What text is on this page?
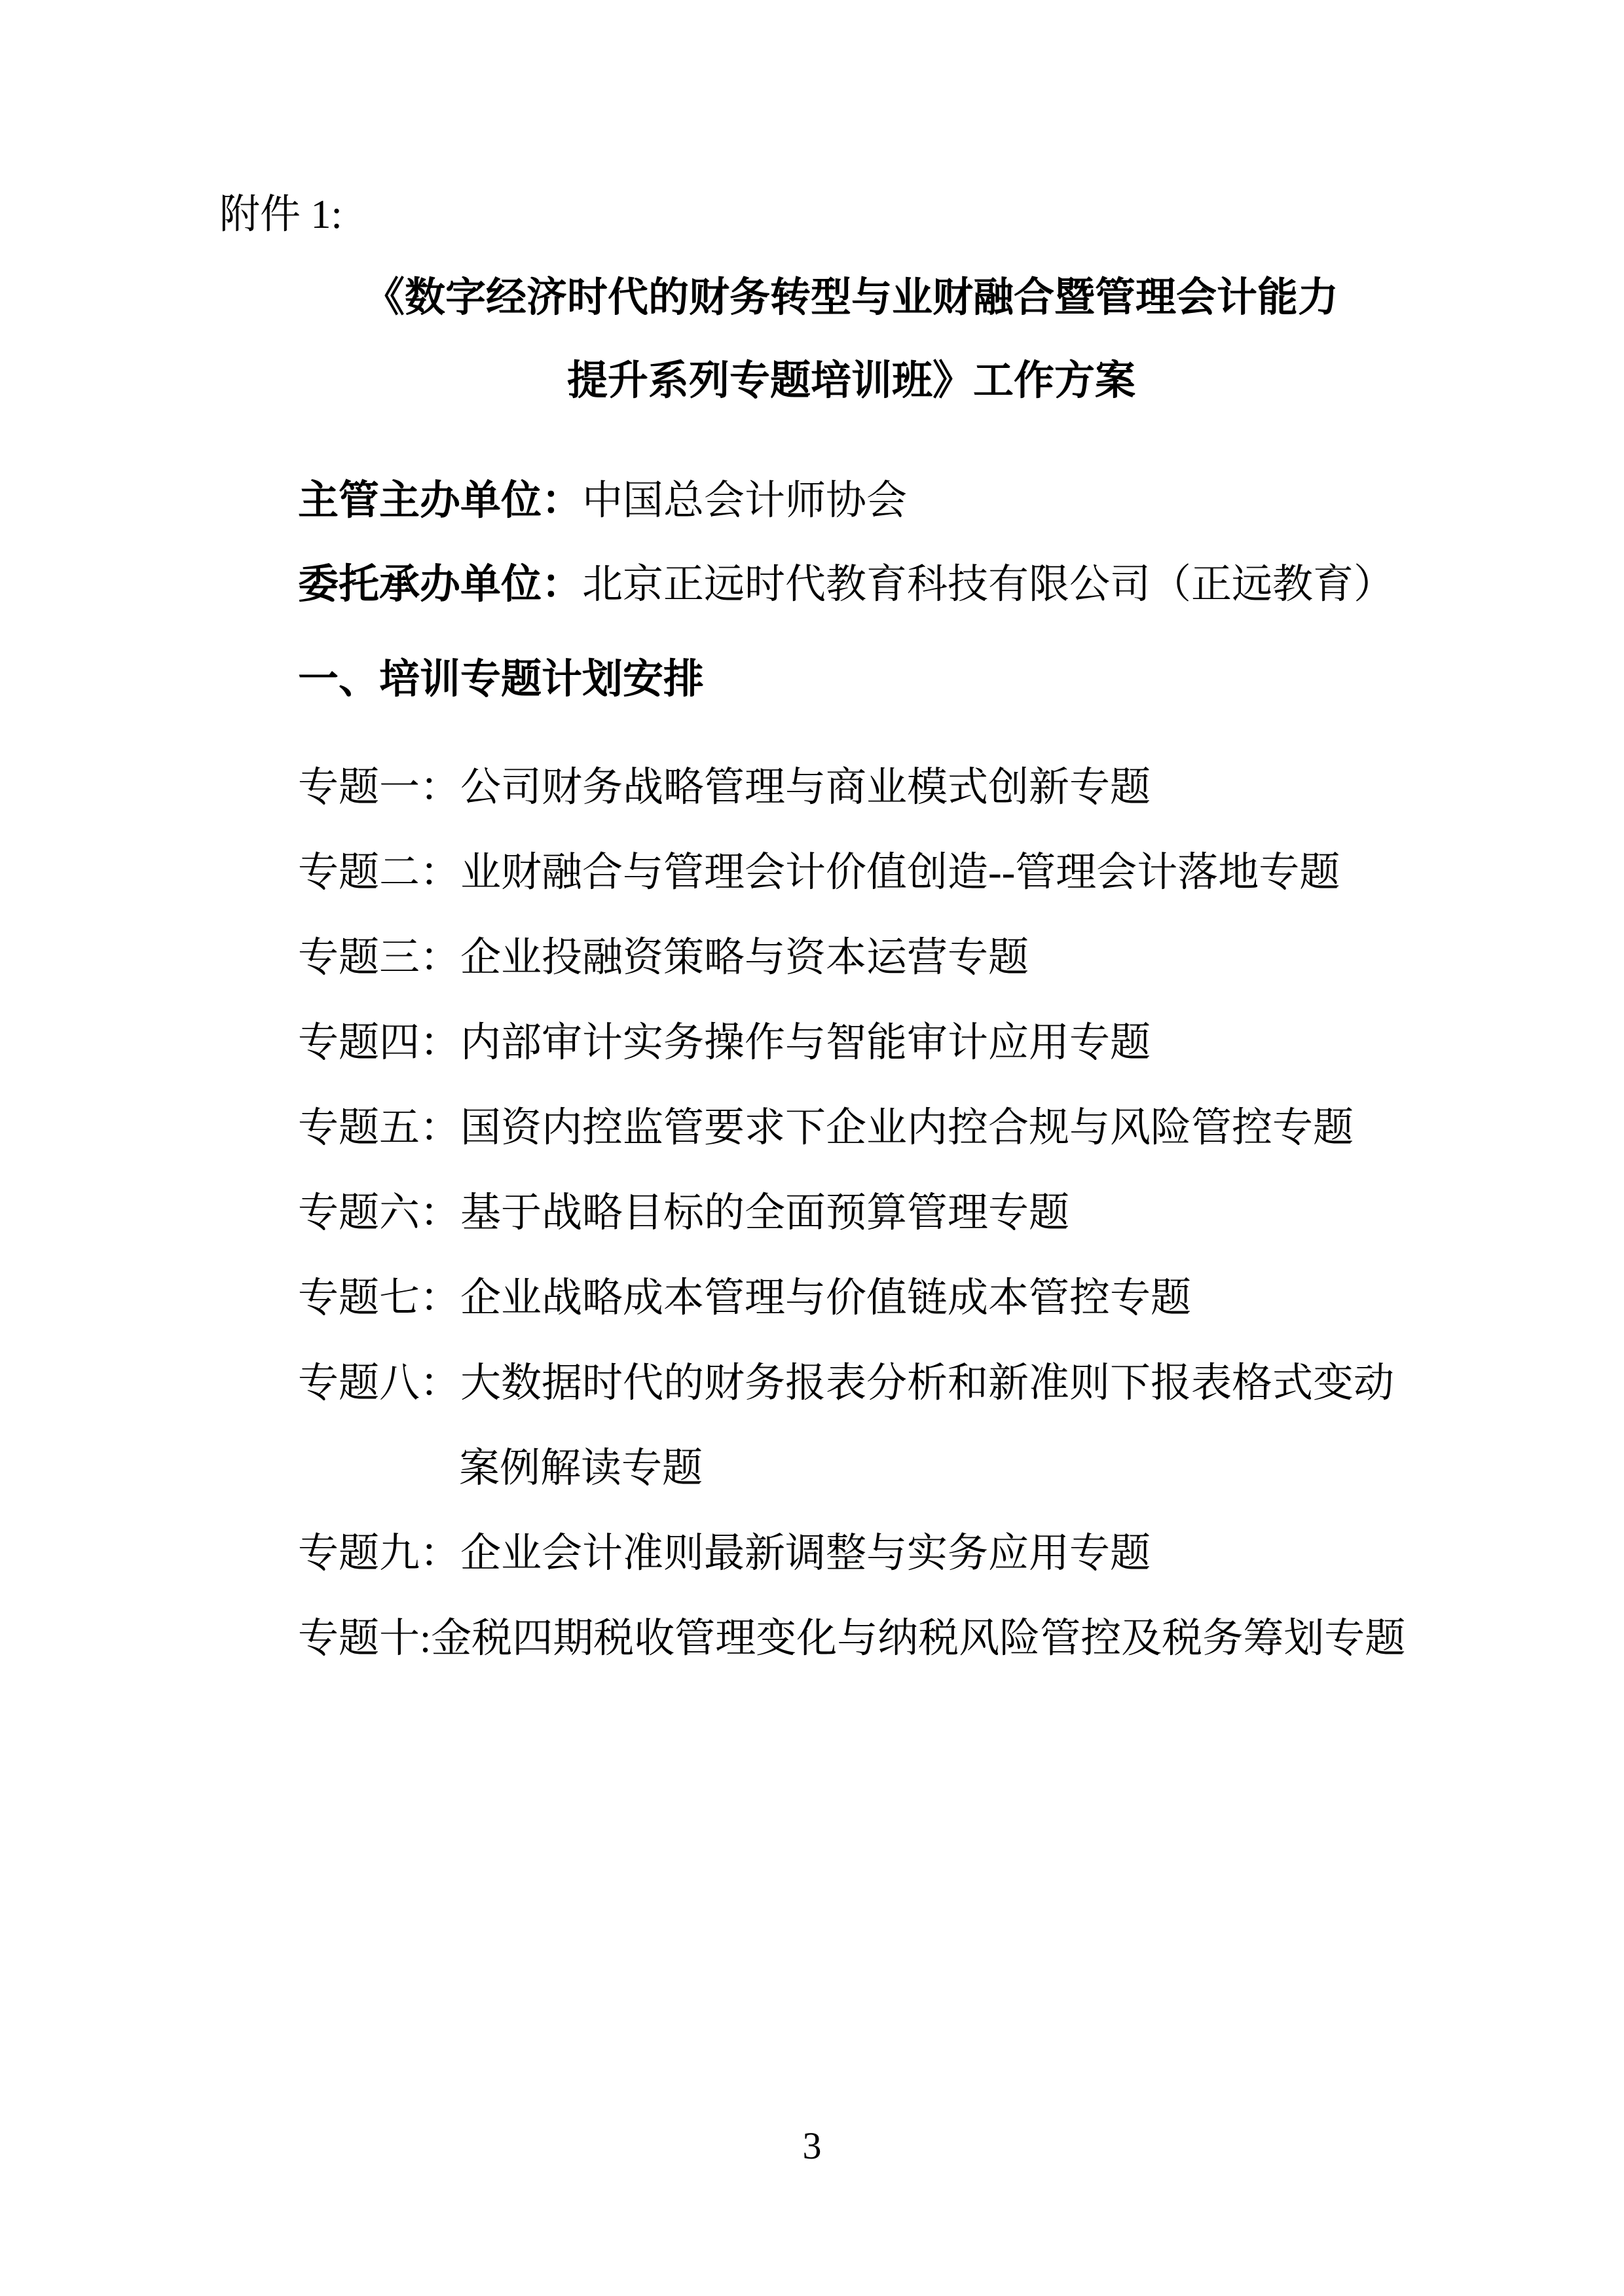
附件 1:
《数字经济时代的财务转型与业财融合暨管理会计能力
提升系列专题培训班》工作方案
主管主办单位：中国总会计师协会
委托承办单位：北京正远时代教育科技有限公司（正远教育）
一、培训专题计划安排
专题一：公司财务战略管理与商业模式创新专题
专题二：业财融合与管理会计价值创造--管理会计落地专题
专题三：企业投融资策略与资本运营专题
专题四：内部审计实务操作与智能审计应用专题
专题五：国资内控监管要求下企业内控合规与风险管控专题
专题六：基于战略目标的全面预算管理专题
专题七：企业战略成本管理与价值链成本管控专题
专题八：大数据时代的财务报表分析和新准则下报表格式变动
案例解读专题
专题九：企业会计准则最新调整与实务应用专题
专题十:金税四期税收管理变化与纳税风险管控及税务筹划专题
3
